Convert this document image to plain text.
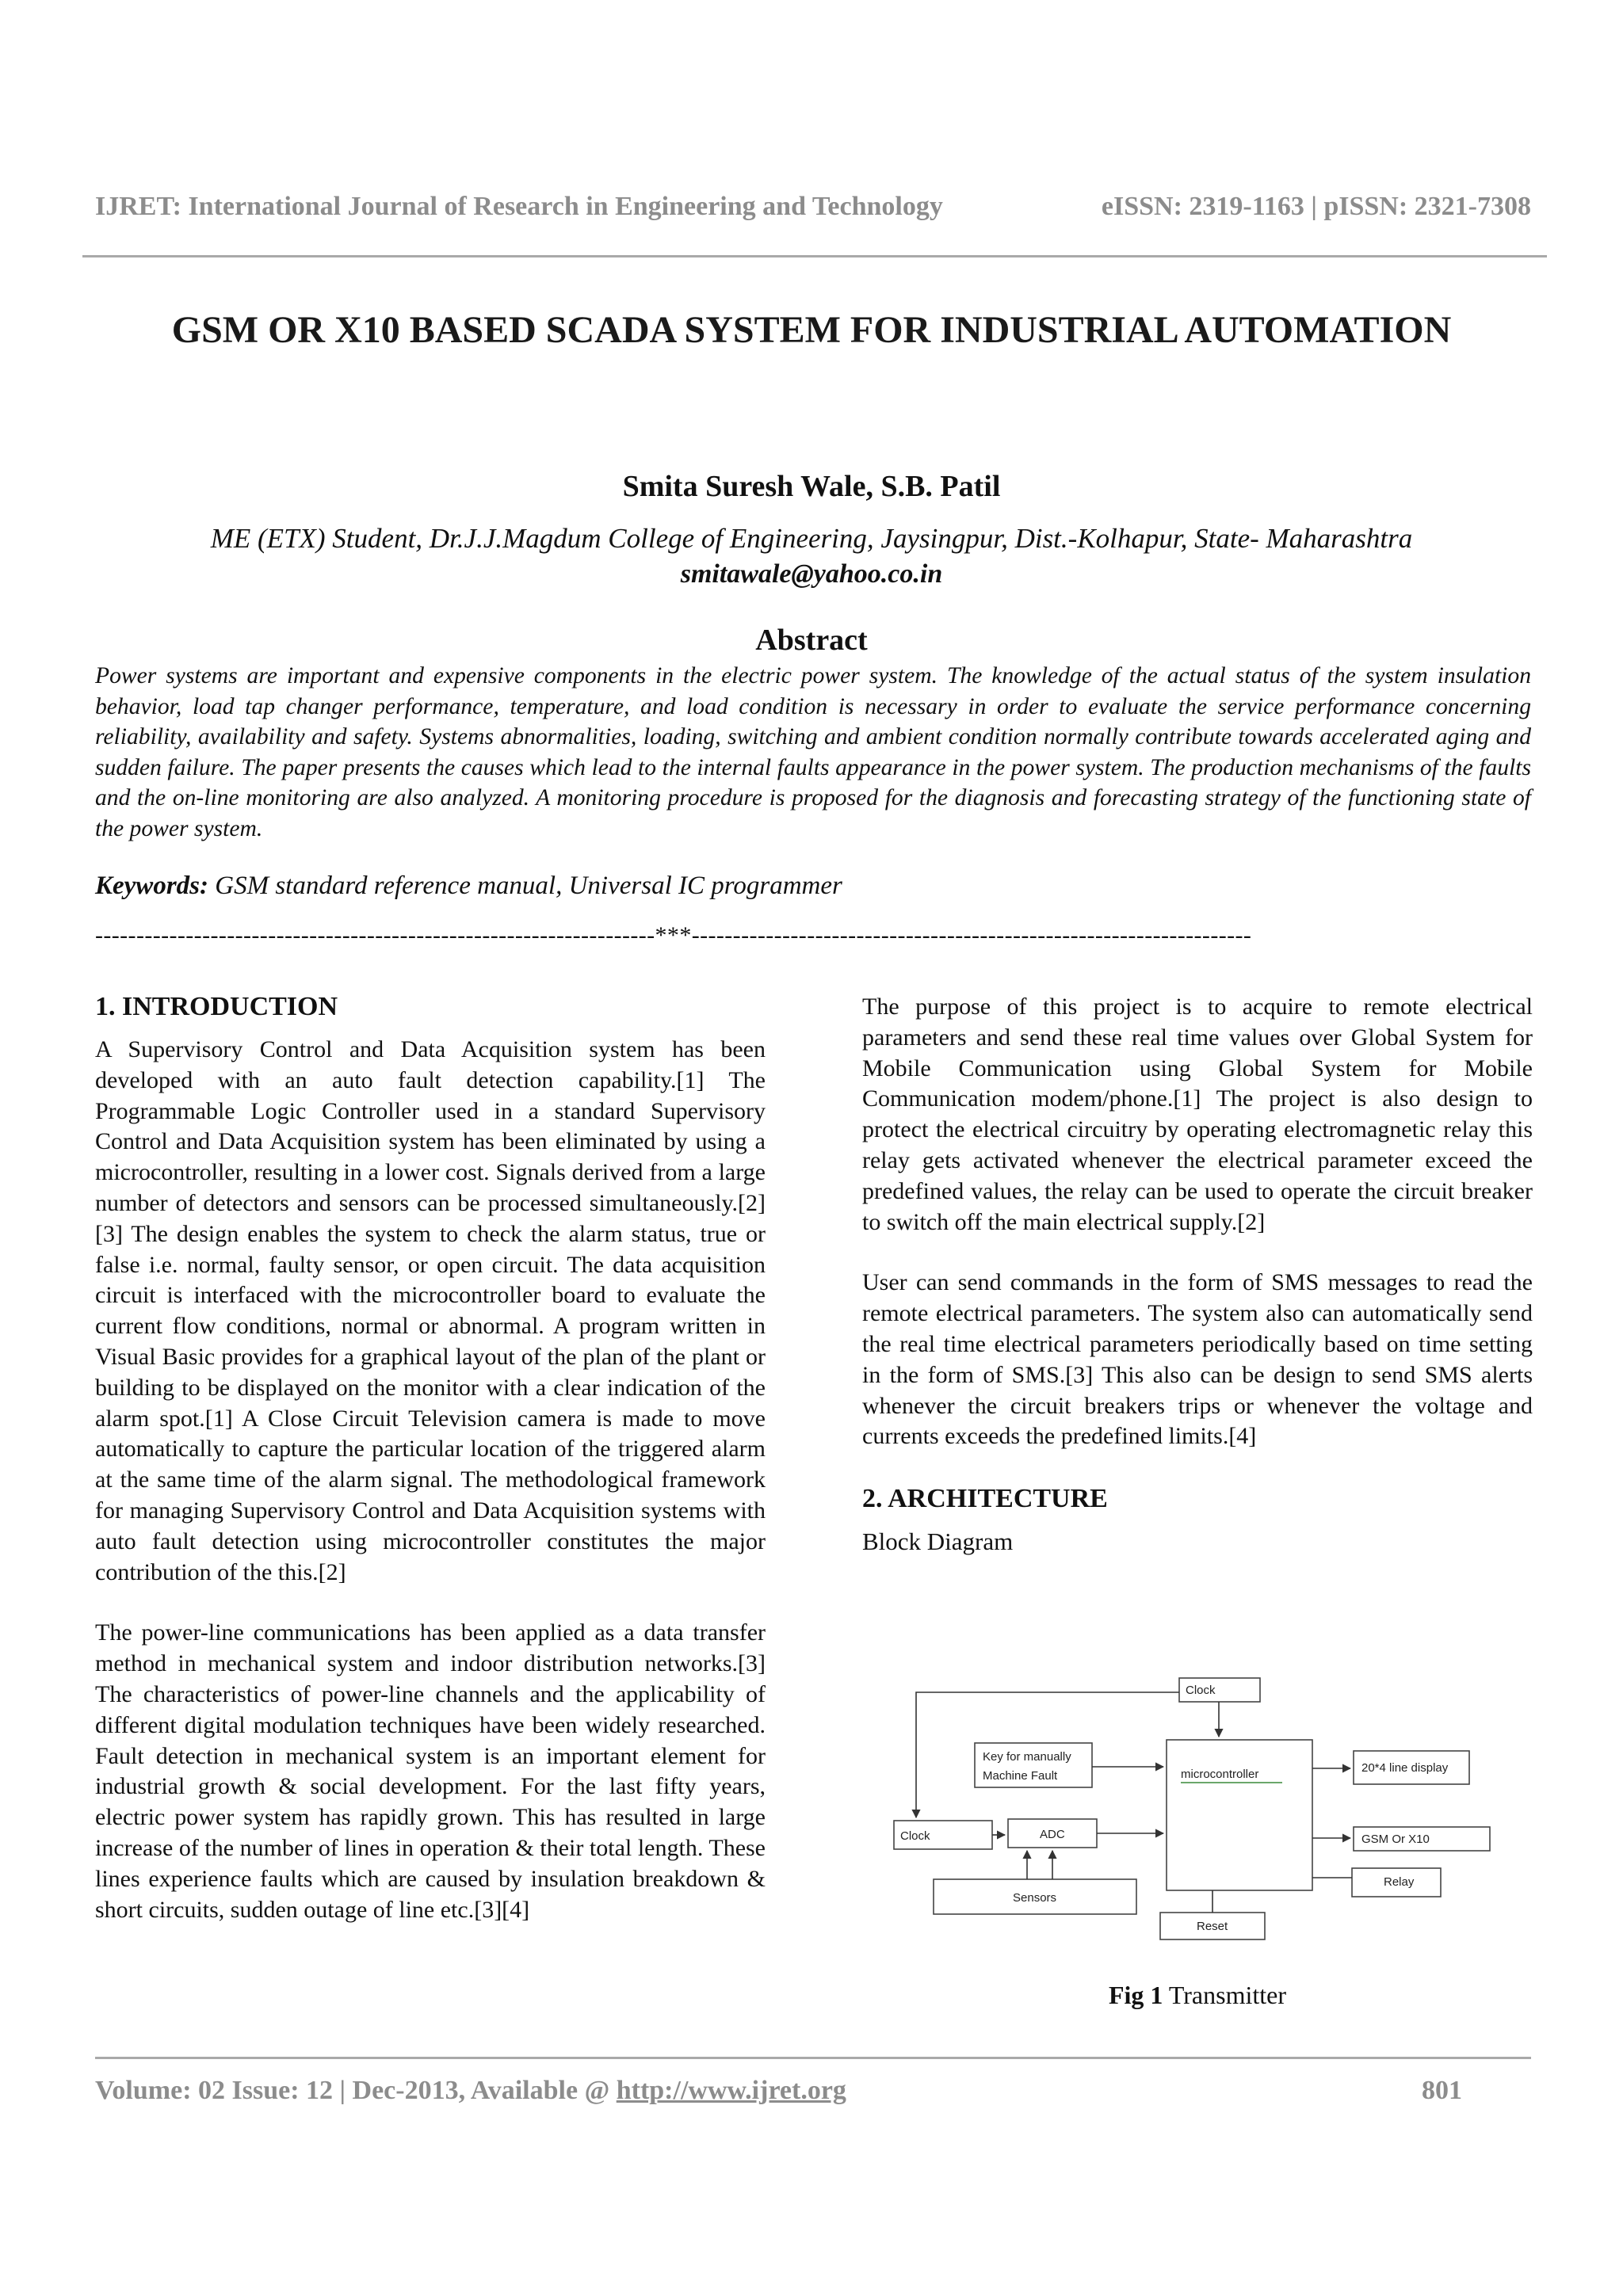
IJRET: International Journal of Research in Engineering and Technology	eISSN: 2319-1163 | pISSN: 2321-7308
GSM OR X10 BASED SCADA SYSTEM FOR INDUSTRIAL AUTOMATION
Smita Suresh Wale, S.B. Patil
ME (ETX) Student, Dr.J.J.Magdum College of Engineering, Jaysingpur, Dist.-Kolhapur, State- Maharashtra
smitawale@yahoo.co.in
Abstract
Power systems are important and expensive components in the electric power system. The knowledge of the actual status of the system insulation behavior, load tap changer performance, temperature, and load condition is necessary in order to evaluate the service performance concerning reliability, availability and safety. Systems abnormalities, loading, switching and ambient condition normally contribute towards accelerated aging and sudden failure. The paper presents the causes which lead to the internal faults appearance in the power system. The production mechanisms of the faults and the on-line monitoring are also analyzed. A monitoring procedure is proposed for the diagnosis and forecasting strategy of the functioning state of the power system.
Keywords: GSM standard reference manual, Universal IC programmer
--------------------------------------------------------------------***--------------------------------------------------------------------
1. INTRODUCTION

A Supervisory Control and Data Acquisition system has been developed with an auto fault detection capability.[1] The Programmable Logic Controller used in a standard Supervisory Control and Data Acquisition system has been eliminated by using a microcontroller, resulting in a lower cost. Signals derived from a large number of detectors and sensors can be processed simultaneously.[2][3] The design enables the system to check the alarm status, true or false i.e. normal, faulty sensor, or open circuit. The data acquisition circuit is interfaced with the microcontroller board to evaluate the current flow conditions, normal or abnormal. A program written in Visual Basic provides for a graphical layout of the plan of the plant or building to be displayed on the monitor with a clear indication of the alarm spot.[1] A Close Circuit Television camera is made to move automatically to capture the particular location of the triggered alarm at the same time of the alarm signal. The methodological framework for managing Supervisory Control and Data Acquisition systems with auto fault detection using microcontroller constitutes the major contribution of the this.[2]

The power-line communications has been applied as a data transfer method in mechanical system and indoor distribution networks.[3] The characteristics of power-line channels and the applicability of different digital modulation techniques have been widely researched. Fault detection in mechanical system is an important element for industrial growth & social development. For the last fifty years, electric power system has rapidly grown. This has resulted in large increase of the number of lines in operation & their total length. These lines experience faults which are caused by insulation breakdown & short circuits, sudden outage of line etc.[3][4]

The purpose of this project is to acquire to remote electrical parameters and send these real time values over Global System for Mobile Communication using Global System for Mobile Communication modem/phone.[1] The project is also design to protect the electrical circuitry by operating electromagnetic relay this relay gets activated whenever the electrical parameter exceed the predefined values, the relay can be used to operate the circuit breaker to switch off the main electrical supply.[2]

User can send commands in the form of SMS messages to read the remote electrical parameters. The system also can automatically send the real time electrical parameters periodically based on time setting in the form of SMS.[3] This also can be design to send SMS alerts whenever the circuit breakers trips or whenever the voltage and currents exceeds the predefined limits.[4]

2. ARCHITECTURE

Block Diagram

Clock
Key for manually
Machine Fault	microcontroller	20*4 line display
Clock	ADC	GSM Or X10
Relay
Sensors
Reset
Fig 1 Transmitter
Volume: 02 Issue: 12 | Dec-2013, Available @ http://www.ijret.org	801
